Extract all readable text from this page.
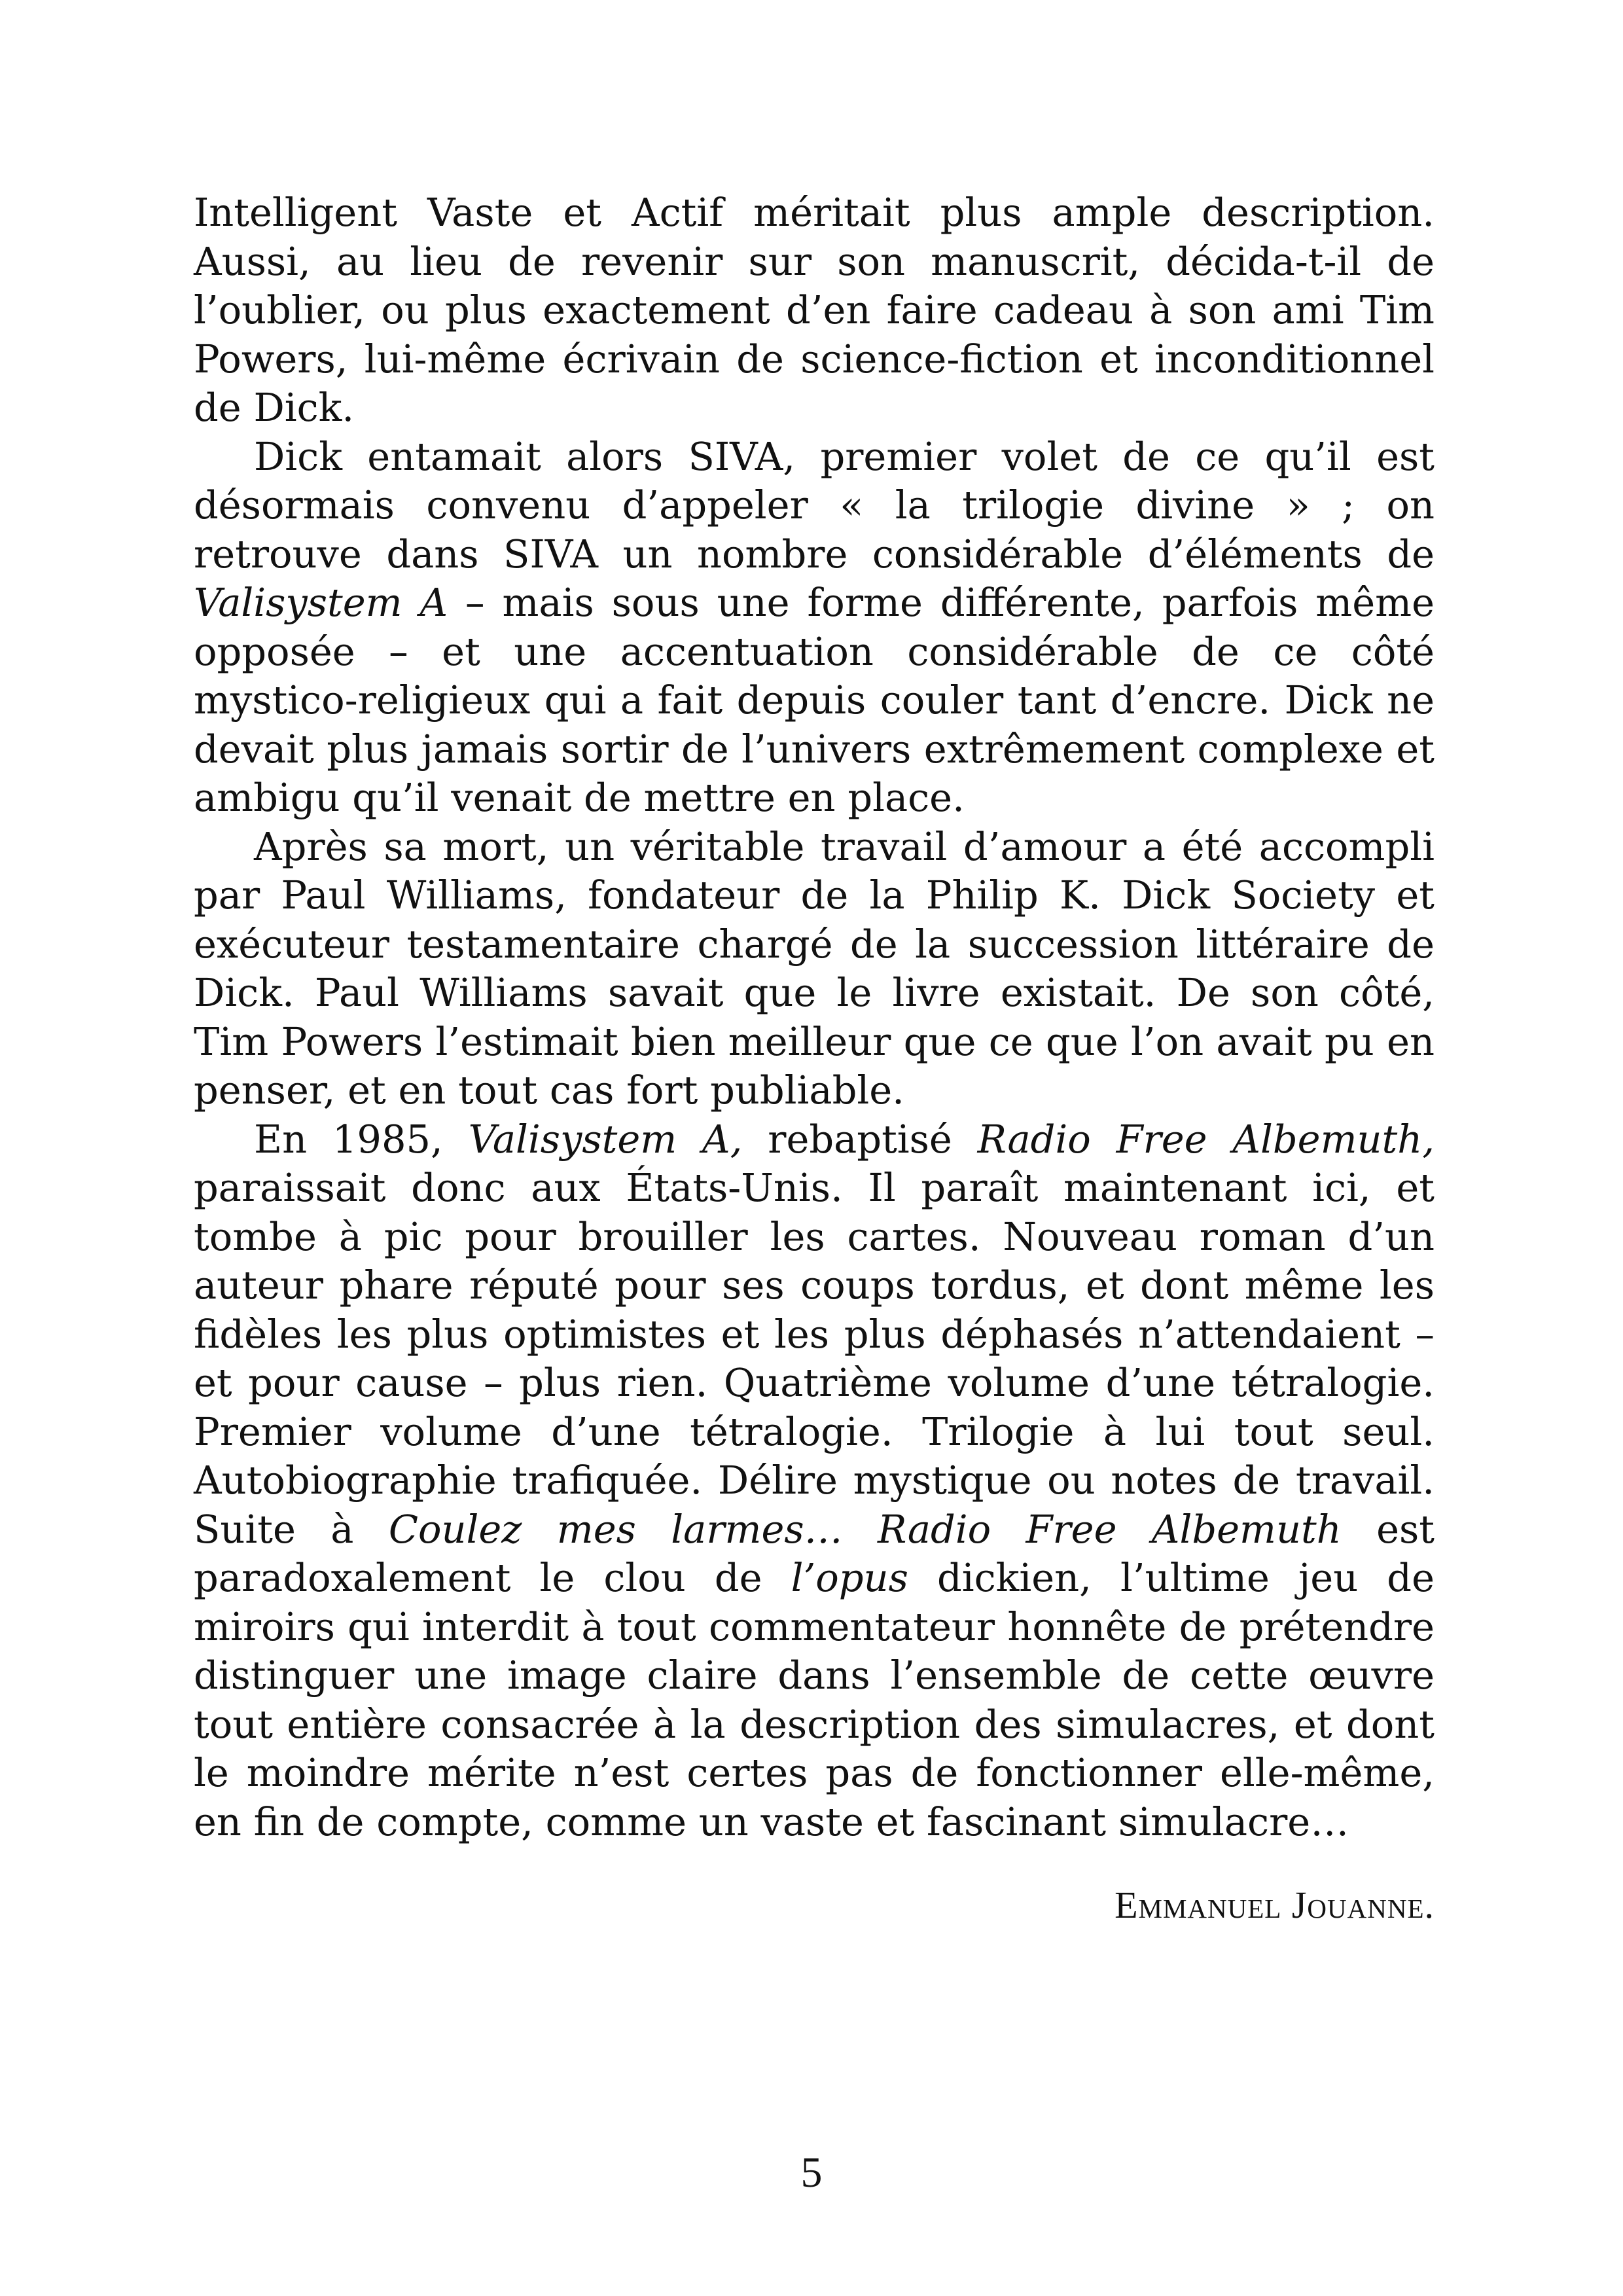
Intelligent Vaste et Actif méritait plus ample description. Aussi, au lieu de revenir sur son manuscrit, décida-t-il de l’oublier, ou plus exactement d’en faire cadeau à son ami Tim Powers, lui-même écrivain de science-fiction et inconditionnel de Dick.

Dick entamait alors SIVA, premier volet de ce qu’il est désormais convenu d’appeler « la trilogie divine » ; on retrouve dans SIVA un nombre considérable d’éléments de Valisystem A – mais sous une forme différente, parfois même opposée – et une accentuation considérable de ce côté mystico-religieux qui a fait depuis couler tant d’encre. Dick ne devait plus jamais sortir de l’univers extrêmement complexe et ambigu qu’il venait de mettre en place.

Après sa mort, un véritable travail d’amour a été accompli par Paul Williams, fondateur de la Philip K. Dick Society et exécuteur testamentaire chargé de la succession littéraire de Dick. Paul Williams savait que le livre existait. De son côté, Tim Powers l’estimait bien meilleur que ce que l’on avait pu en penser, et en tout cas fort publiable.

En 1985, Valisystem A, rebaptisé Radio Free Albemuth, paraissait donc aux États-Unis. Il paraît maintenant ici, et tombe à pic pour brouiller les cartes. Nouveau roman d’un auteur phare réputé pour ses coups tordus, et dont même les fidèles les plus optimistes et les plus déphasés n’attendaient – et pour cause – plus rien. Quatrième volume d’une tétralogie. Premier volume d’une tétralogie. Trilogie à lui tout seul. Autobiographie trafiquée. Délire mystique ou notes de travail. Suite à Coulez mes larmes… Radio Free Albemuth est paradoxalement le clou de l’opus dickien, l’ultime jeu de miroirs qui interdit à tout commentateur honnête de prétendre distinguer une image claire dans l’ensemble de cette œuvre tout entière consacrée à la description des simulacres, et dont le moindre mérite n’est certes pas de fonctionner elle-même, en fin de compte, comme un vaste et fascinant simulacre…

Emmanuel Jouanne.
5
